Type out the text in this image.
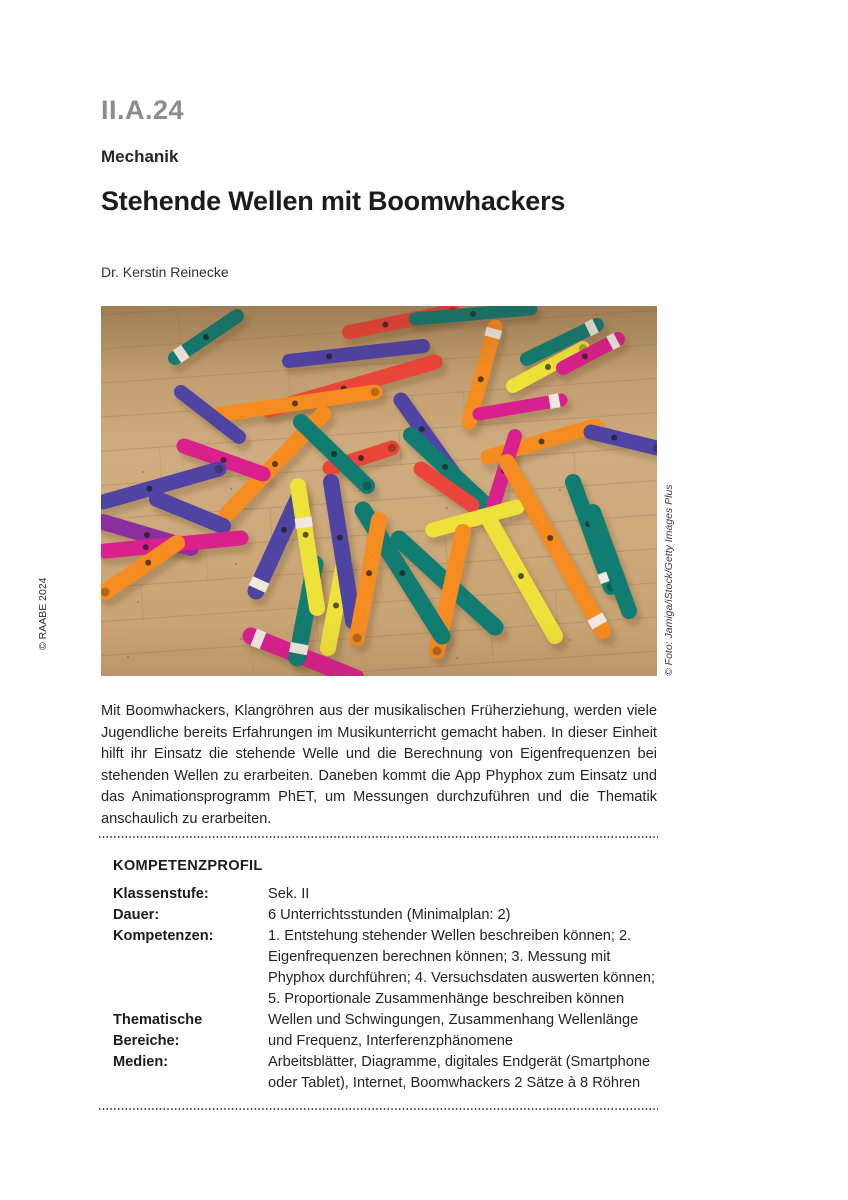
© RAABE 2024
II.A.24
Mechanik
Stehende Wellen mit Boomwhackers
Dr. Kerstin Reinecke
© Foto: Jamiga/iStock/Getty Images Plus

Mit Boomwhackers, Klangröhren aus der musikalischen Früherziehung, werden viele Jugendliche bereits Erfahrungen im Musikunterricht gemacht haben. In dieser Einheit hilft ihr Einsatz die stehende Welle und die Berechnung von Eigenfrequenzen bei stehenden Wellen zu erarbeiten. Daneben kommt die App Phyphox zum Einsatz und das Animationsprogramm PhET, um Messungen durchzuführen und die Thematik anschaulich zu erarbeiten.

KOMPETENZPROFIL
Klassenstufe:	Sek. II
Dauer:	6 Unterrichtsstunden (Minimalplan: 2)
Kompetenzen:	1. Entstehung stehender Wellen beschreiben können; 2. Eigenfrequenzen berechnen können; 3. Messung mit Phyphox durchführen; 4. Versuchsdaten auswerten können; 5. Proportionale Zusammenhänge beschreiben können
Thematische Bereiche:
Wellen und Schwingungen, Zusammenhang Wellenlänge und Frequenz, Interferenzphänomene
Medien:	Arbeitsblätter, Diagramme, digitales Endgerät (Smartphone oder Tablet), Internet, Boomwhackers 2 Sätze à 8 Röhren
